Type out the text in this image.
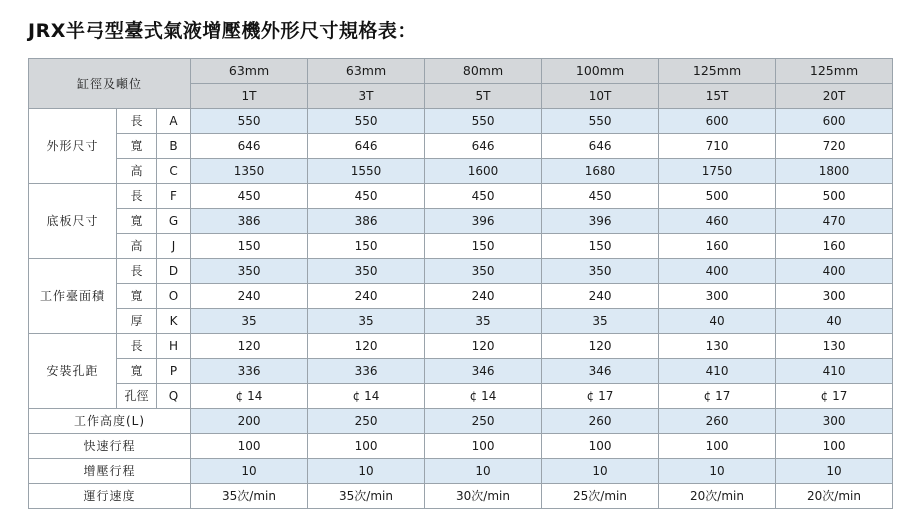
JRX半弓型臺式氣液增壓機外形尺寸規格表：
缸徑及噸位			63mm	63mm	80mm	100mm	125mm	125mm
			1T	3T	5T	10T	15T	20T
外形尺寸	長	A	550	550	550	550	600	600
	寬	B	646	646	646	646	710	720
	高	C	1350	1550	1600	1680	1750	1800
底板尺寸	長	F	450	450	450	450	500	500
	寬	G	386	386	396	396	460	470
	高	J	150	150	150	150	160	160
工作臺面積	長	D	350	350	350	350	400	400
	寬	O	240	240	240	240	300	300
	厚	K	35	35	35	35	40	40
安裝孔距	長	H	120	120	120	120	130	130
	寬	P	336	336	346	346	410	410
	孔徑	Q	¢ 14	¢ 14	¢ 14	¢ 17	¢ 17	¢ 17
工作高度(L)			200	250	250	260	260	300
快速行程			100	100	100	100	100	100
增壓行程			10	10	10	10	10	10
運行速度			35次/min	35次/min	30次/min	25次/min	20次/min	20次/min
